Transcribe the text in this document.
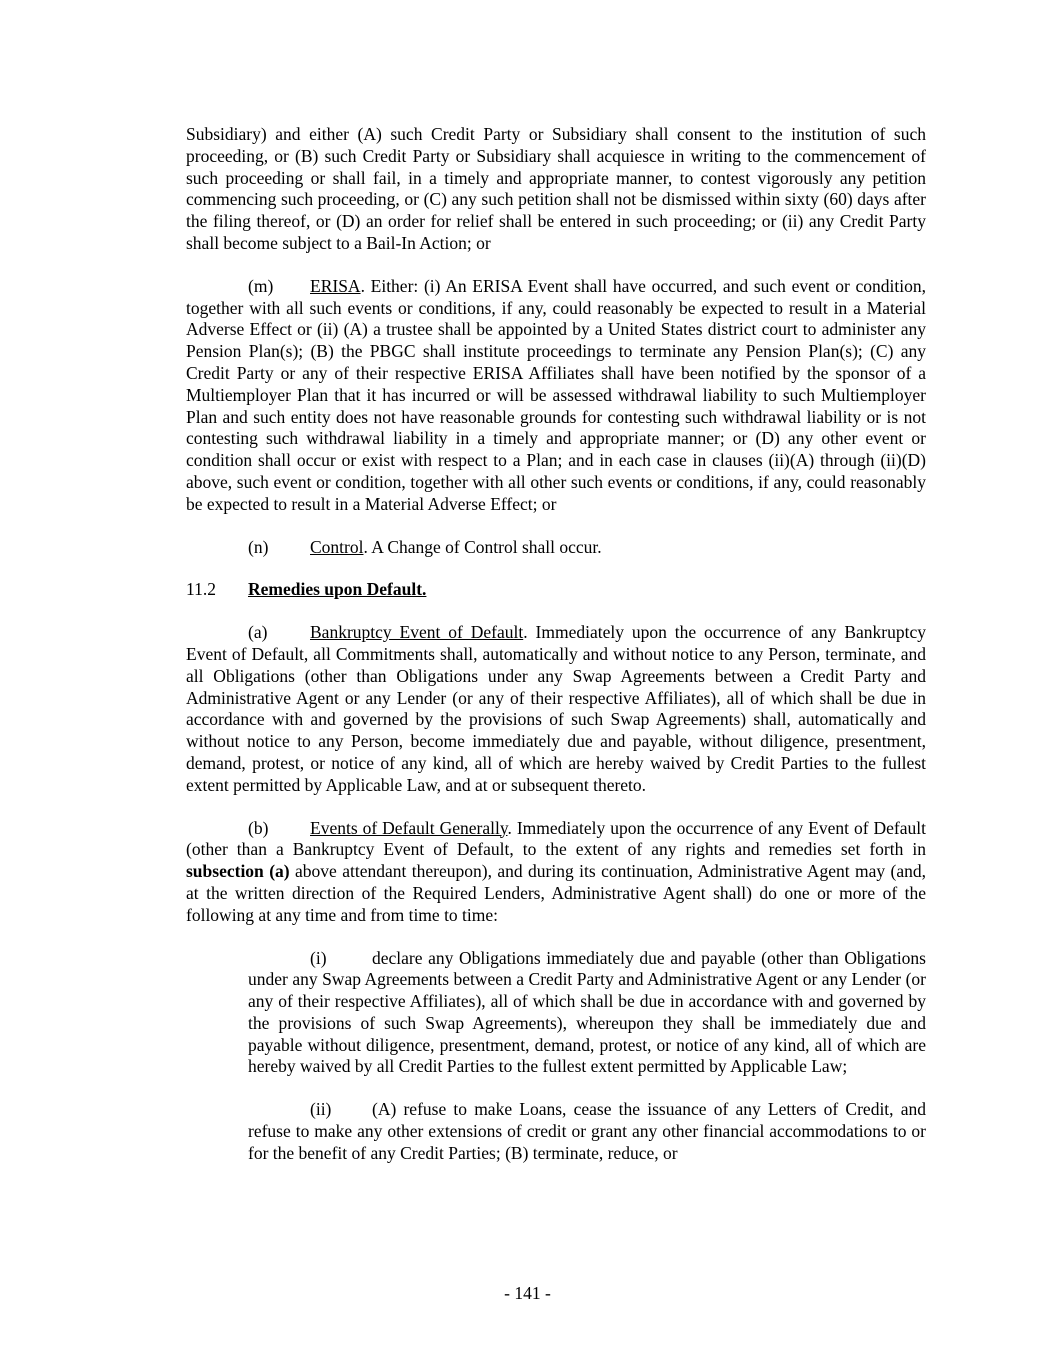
Subsidiary) and either (A) such Credit Party or Subsidiary shall consent to the institution of such proceeding, or (B) such Credit Party or Subsidiary shall acquiesce in writing to the commencement of such proceeding or shall fail, in a timely and appropriate manner, to contest vigorously any petition commencing such proceeding, or (C) any such petition shall not be dismissed within sixty (60) days after the filing thereof, or (D) an order for relief shall be entered in such proceeding; or (ii) any Credit Party shall become subject to a Bail-In Action; or

(m) ERISA. Either: (i) An ERISA Event shall have occurred, and such event or condition, together with all such events or conditions, if any, could reasonably be expected to result in a Material Adverse Effect or (ii) (A) a trustee shall be appointed by a United States district court to administer any Pension Plan(s); (B) the PBGC shall institute proceedings to terminate any Pension Plan(s); (C) any Credit Party or any of their respective ERISA Affiliates shall have been notified by the sponsor of a Multiemployer Plan that it has incurred or will be assessed withdrawal liability to such Multiemployer Plan and such entity does not have reasonable grounds for contesting such withdrawal liability or is not contesting such withdrawal liability in a timely and appropriate manner; or (D) any other event or condition shall occur or exist with respect to a Plan; and in each case in clauses (ii)(A) through (ii)(D) above, such event or condition, together with all other such events or conditions, if any, could reasonably be expected to result in a Material Adverse Effect; or

(n) Control. A Change of Control shall occur.

11.2 Remedies upon Default.

(a) Bankruptcy Event of Default. Immediately upon the occurrence of any Bankruptcy Event of Default, all Commitments shall, automatically and without notice to any Person, terminate, and all Obligations (other than Obligations under any Swap Agreements between a Credit Party and Administrative Agent or any Lender (or any of their respective Affiliates), all of which shall be due in accordance with and governed by the provisions of such Swap Agreements) shall, automatically and without notice to any Person, become immediately due and payable, without diligence, presentment, demand, protest, or notice of any kind, all of which are hereby waived by Credit Parties to the fullest extent permitted by Applicable Law, and at or subsequent thereto.

(b) Events of Default Generally. Immediately upon the occurrence of any Event of Default (other than a Bankruptcy Event of Default, to the extent of any rights and remedies set forth in subsection (a) above attendant thereupon), and during its continuation, Administrative Agent may (and, at the written direction of the Required Lenders, Administrative Agent shall) do one or more of the following at any time and from time to time:

(i)	declare any Obligations immediately due and payable (other than Obligations under any Swap Agreements between a Credit Party and Administrative Agent or any Lender (or any of their respective Affiliates), all of which shall be due in accordance with and governed by the provisions of such Swap Agreements), whereupon they shall be immediately due and payable without diligence, presentment, demand, protest, or notice of any kind, all of which are hereby waived by all Credit Parties to the fullest extent permitted by Applicable Law;

(ii) (A) refuse to make Loans, cease the issuance of any Letters of Credit, and refuse to make any other extensions of credit or grant any other financial accommodations to or for the benefit of any Credit Parties; (B) terminate, reduce, or

- 141 -
